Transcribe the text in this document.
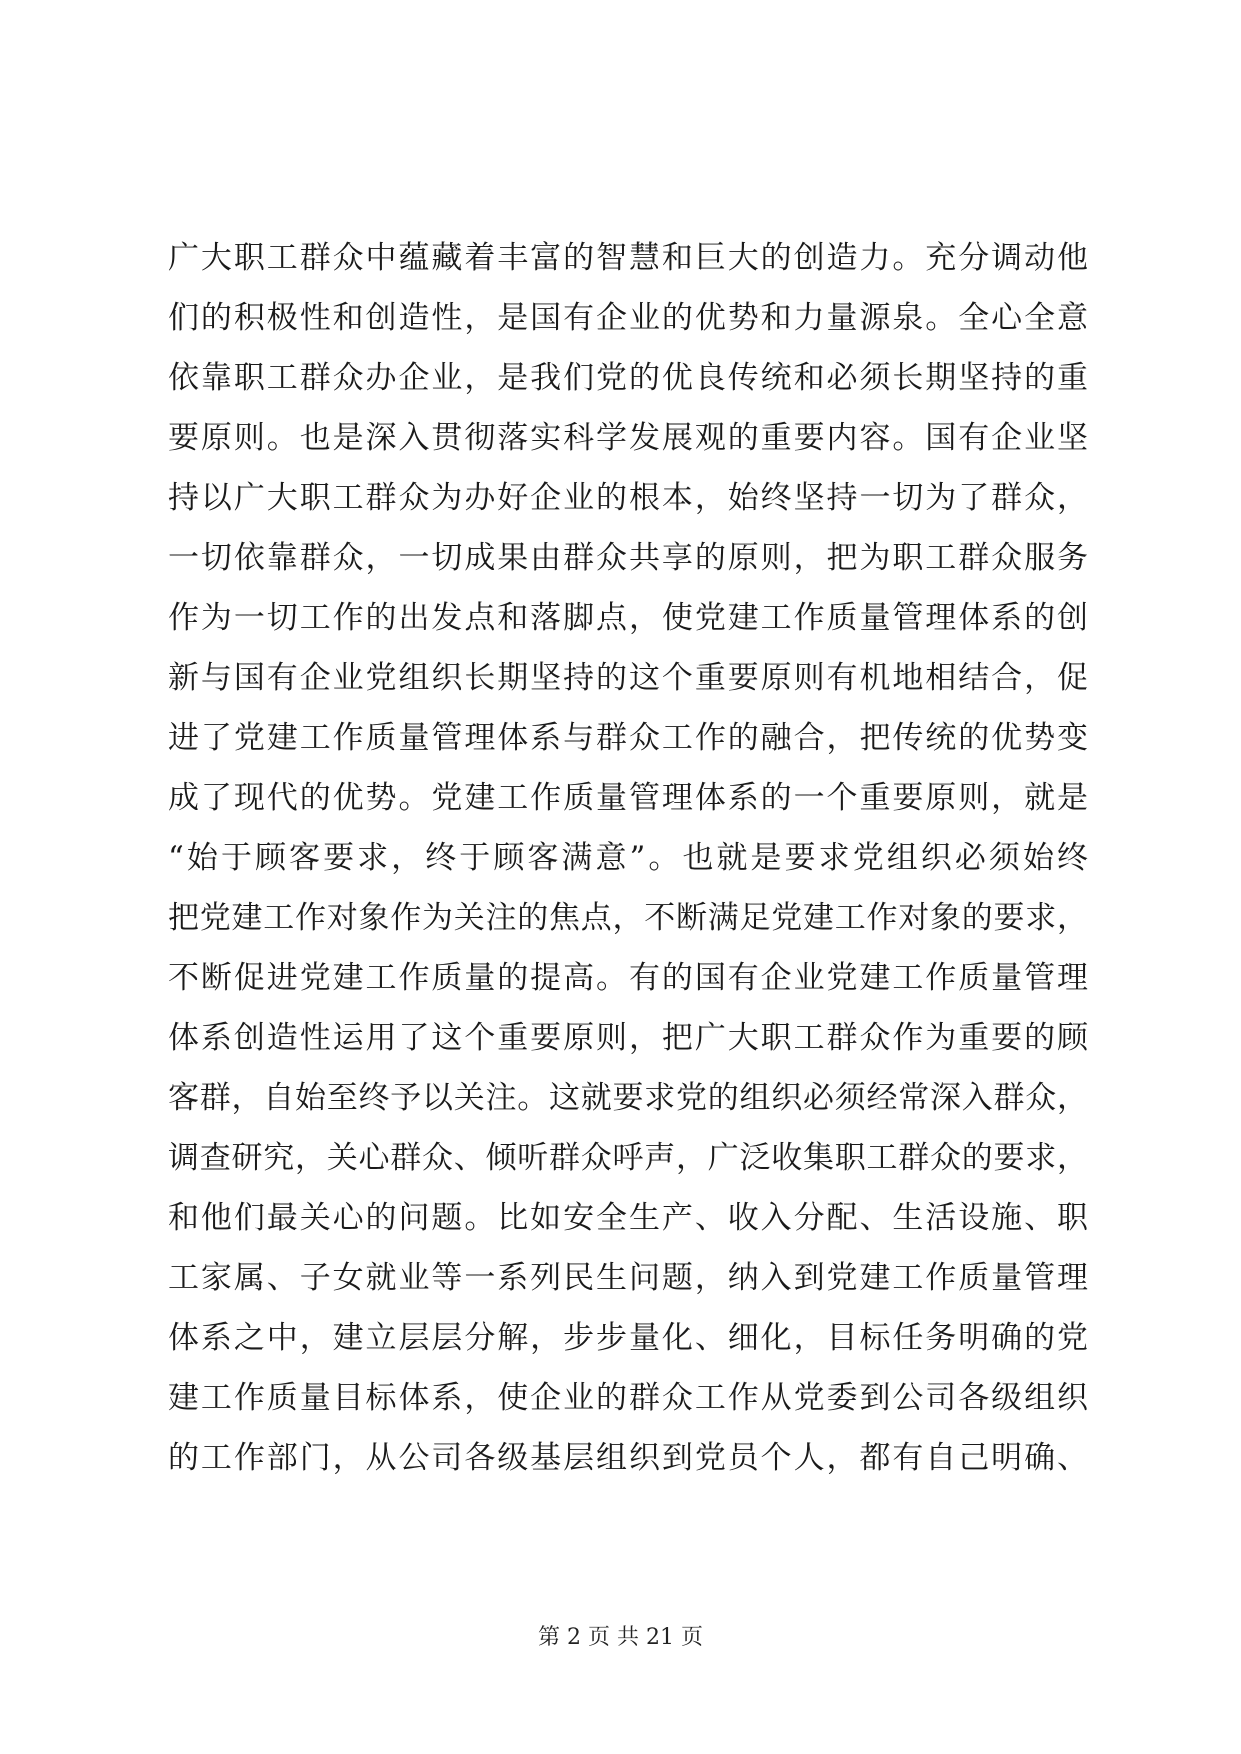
广大职工群众中蕴藏着丰富的智慧和巨大的创造力。充分调动他
们的积极性和创造性，是国有企业的优势和力量源泉。全心全意
依靠职工群众办企业，是我们党的优良传统和必须长期坚持的重
要原则。也是深入贯彻落实科学发展观的重要内容。国有企业坚
持以广大职工群众为办好企业的根本，始终坚持一切为了群众，
一切依靠群众，一切成果由群众共享的原则，把为职工群众服务
作为一切工作的出发点和落脚点，使党建工作质量管理体系的创
新与国有企业党组织长期坚持的这个重要原则有机地相结合，促
进了党建工作质量管理体系与群众工作的融合，把传统的优势变
成了现代的优势。党建工作质量管理体系的一个重要原则，就是
“始于顾客要求，终于顾客满意”。也就是要求党组织必须始终
把党建工作对象作为关注的焦点，不断满足党建工作对象的要求，
不断促进党建工作质量的提高。有的国有企业党建工作质量管理
体系创造性运用了这个重要原则，把广大职工群众作为重要的顾
客群，自始至终予以关注。这就要求党的组织必须经常深入群众，
调查研究，关心群众、倾听群众呼声，广泛收集职工群众的要求，
和他们最关心的问题。比如安全生产、收入分配、生活设施、职
工家属、子女就业等一系列民生问题，纳入到党建工作质量管理
体系之中，建立层层分解，步步量化、细化，目标任务明确的党
建工作质量目标体系，使企业的群众工作从党委到公司各级组织
的工作部门，从公司各级基层组织到党员个人，都有自己明确、
第 2 页 共 21 页
